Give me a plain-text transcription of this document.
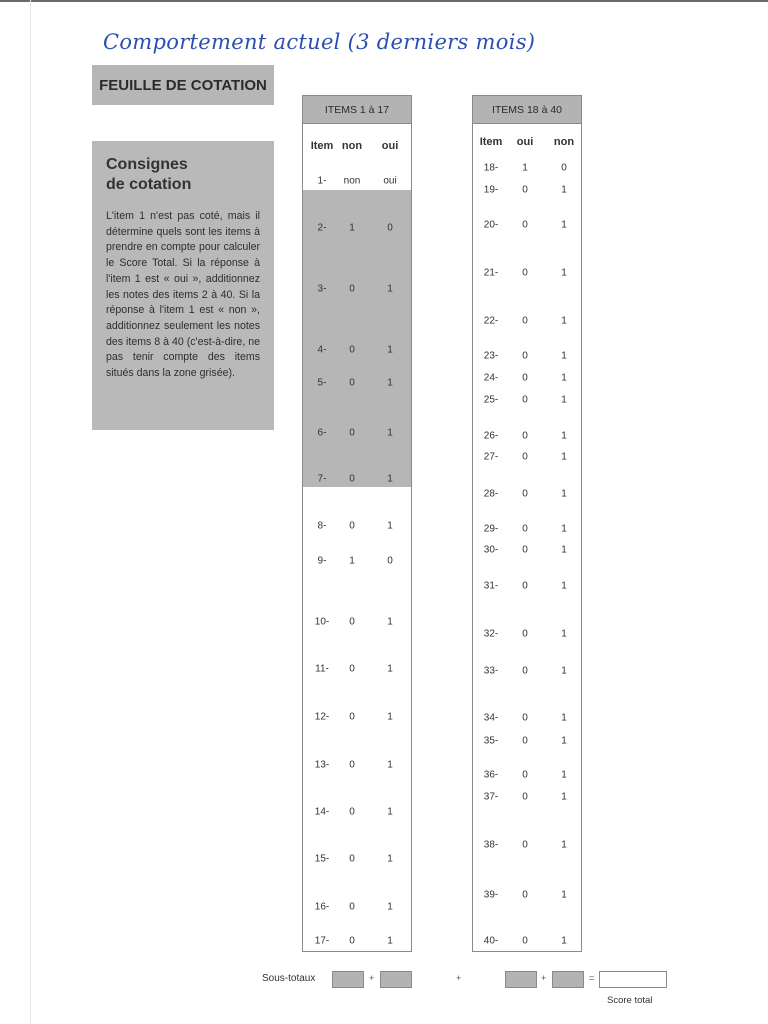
Comportement actuel (3 derniers mois)
FEUILLE DE COTATION
Consignes
de cotation

L'item 1 n'est pas coté, mais il détermine quels sont les items à prendre en compte pour calculer le Score Total. Si la réponse à l'item 1 est « oui », additionnez les notes des items 2 à 40. Si la réponse à l'item 1 est « non », additionnez seulement les notes des items 8 à 40 (c'est-à-dire, ne pas tenir compte des items situés dans la zone grisée).

ITEMS 1 à 17
Item non oui
1- non oui
2- 1	0
3- 0	1
4- 0	1
5- 0	1
6- 0	1
7- 0	1
8- 0	1
9- 1	0
10- 0	1
11- 0	1
12- 0	1
13- 0	1
14- 0	1
15- 0	1
16- 0	1
17- 0	1
ITEMS 18 à 40
Item oui non
18- 1	0
19- 0	1
20- 0	1
21- 0	1
22- 0	1
23- 0	1
24- 0	1
25- 0	1
26- 0	1
27- 0	1
28- 0	1
29- 0	1
30- 0	1
31- 0	1
32- 0	1
33- 0	1
34- 0	1
35- 0	1
36- 0	1
37- 0	1
38- 0	1
39- 0	1
40- 0	1
Sous-totaux	+	+	+	=
Score total
